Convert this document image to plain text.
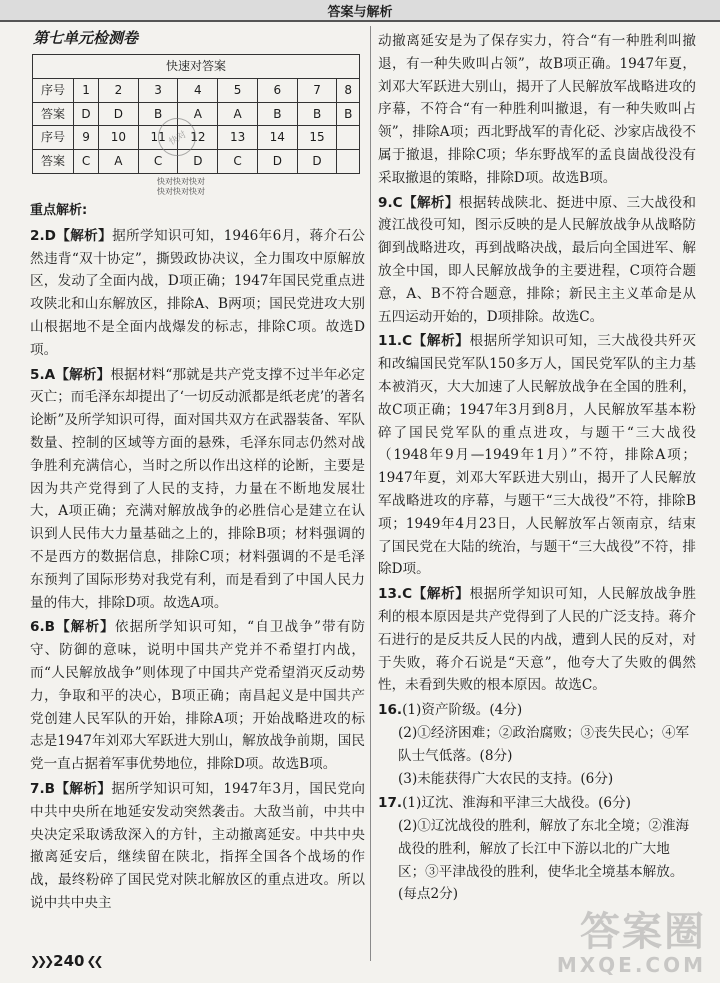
答案与解析
第七单元检测卷
快速对答案								
序号	1	2	3	4	5	6	7	8
答案	D	D	B	A	A	B	B	B
序号	9	10	11	12	13	14	15	
答案	C	A	C	D	C	D	D	
快对快对快对
快对快对快对
重点解析:
2.D【解析】据所学知识可知，1946年6月，蒋介石公然违背“双十协定”，撕毁政协决议，全力围攻中原解放区，发动了全面内战，D项正确；1947年国民党重点进攻陕北和山东解放区，排除A、B两项；国民党进攻大别山根据地不是全面内战爆发的标志，排除C项。故选D项。
5.A【解析】根据材料“那就是共产党支撑不过半年必定灭亡；而毛泽东却提出了‘一切反动派都是纸老虎’的著名论断”及所学知识可得，面对国共双方在武器装备、军队数量、控制的区域等方面的悬殊，毛泽东同志仍然对战争胜利充满信心，当时之所以作出这样的论断，主要是因为共产党得到了人民的支持，力量在不断地发展壮大，A项正确；充满对解放战争的必胜信心是建立在认识到人民伟大力量基础之上的，排除B项；材料强调的不是西方的数据信息，排除C项；材料强调的不是毛泽东预判了国际形势对我党有利，而是看到了中国人民力量的伟大，排除D项。故选A项。
6.B【解析】依据所学知识可知，“自卫战争”带有防守、防御的意味，说明中国共产党并不希望打内战，而“人民解放战争”则体现了中国共产党希望消灭反动势力，争取和平的决心，B项正确；南昌起义是中国共产党创建人民军队的开始，排除A项；开始战略进攻的标志是1947年刘邓大军跃进大别山，解放战争前期，国民党一直占据着军事优势地位，排除D项。故选B项。
7.B【解析】据所学知识可知，1947年3月，国民党向中共中央所在地延安发动突然袭击。大敌当前，中共中央决定采取诱敌深入的方针，主动撤离延安。中共中央撤离延安后，继续留在陕北，指挥全国各个战场的作战，最终粉碎了国民党对陕北解放区的重点进攻。所以说中共中央主
快对
动撤离延安是为了保存实力，符合“有一种胜利叫撤退，有一种失败叫占领”，故B项正确。1947年夏，刘邓大军跃进大别山，揭开了人民解放军战略进攻的序幕，不符合“有一种胜利叫撤退，有一种失败叫占领”，排除A项；西北野战军的青化砭、沙家店战役不属于撤退，排除C项；华东野战军的孟良崮战役没有采取撤退的策略，排除D项。故选B项。
9.C【解析】根据转战陕北、挺进中原、三大战役和渡江战役可知，图示反映的是人民解放战争从战略防御到战略进攻，再到战略决战，最后向全国进军、解放全中国，即人民解放战争的主要进程，C项符合题意，A、B不符合题意，排除；新民主主义革命是从五四运动开始的，D项排除。故选C。
11.C【解析】根据所学知识可知，三大战役共歼灭和改编国民党军队150多万人，国民党军队的主力基本被消灭，大大加速了人民解放战争在全国的胜利，故C项正确；1947年3月到8月，人民解放军基本粉碎了国民党军队的重点进攻，与题干“三大战役（1948年9月—1949年1月）”不符，排除A项；1947年夏，刘邓大军跃进大别山，揭开了人民解放军战略进攻的序幕，与题干“三大战役”不符，排除B项；1949年4月23日，人民解放军占领南京，结束了国民党在大陆的统治，与题干“三大战役”不符，排除D项。
13.C【解析】根据所学知识可知，人民解放战争胜利的根本原因是共产党得到了人民的广泛支持。蒋介石进行的是反共反人民的内战，遭到人民的反对，对于失败，蒋介石说是“天意”，他夸大了失败的偶然性，未看到失败的根本原因。故选C。
16.(1)资产阶级。(4分)
(2)①经济困难；②政治腐败；③丧失民心；④军队士气低落。(8分)
(3)未能获得广大农民的支持。(6分)
17.(1)辽沈、淮海和平津三大战役。(6分)
(2)①辽沈战役的胜利，解放了东北全境；②淮海战役的胜利，解放了长江中下游以北的广大地区；③平津战役的胜利，使华北全境基本解放。(每点2分)
❯❯❯ 240 ❮❮
答案圈
MXQE.COM
